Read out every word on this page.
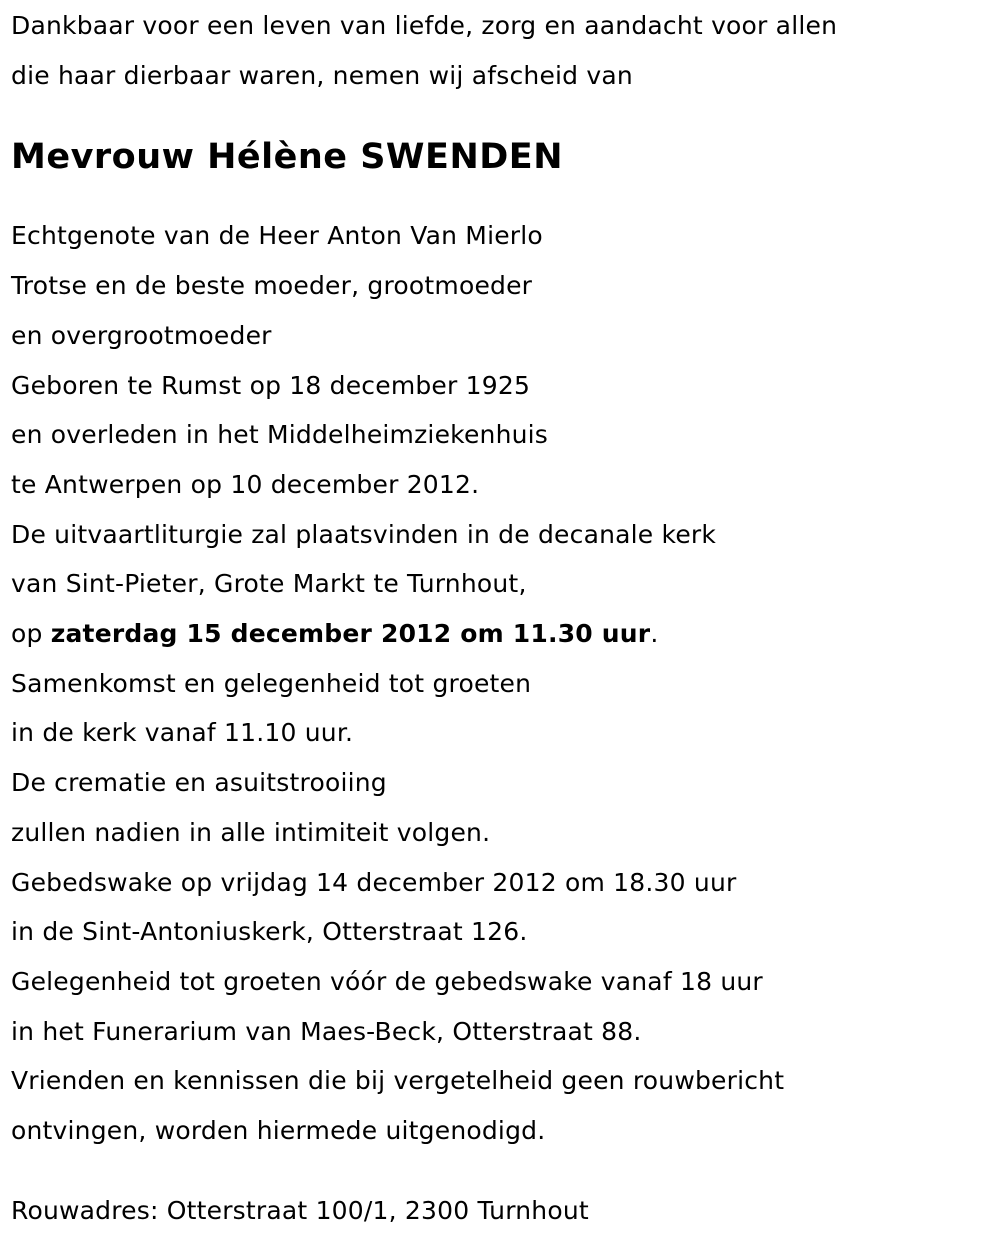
Dankbaar voor een leven van liefde, zorg en aandacht voor allen
die haar dierbaar waren, nemen wij afscheid van
Mevrouw Hélène SWENDEN
Echtgenote van de Heer Anton Van Mierlo
Trotse en de beste moeder, grootmoeder
en overgrootmoeder
Geboren te Rumst op 18 december 1925
en overleden in het Middelheimziekenhuis
te Antwerpen op 10 december 2012.
De uitvaartliturgie zal plaatsvinden in de decanale kerk
van Sint-Pieter, Grote Markt te Turnhout,
op zaterdag 15 december 2012 om 11.30 uur.
Samenkomst en gelegenheid tot groeten
in de kerk vanaf 11.10 uur.
De crematie en asuitstrooiing
zullen nadien in alle intimiteit volgen.
Gebedswake op vrijdag 14 december 2012 om 18.30 uur
in de Sint-Antoniuskerk, Otterstraat 126.
Gelegenheid tot groeten vóór de gebedswake vanaf 18 uur
in het Funerarium van Maes-Beck, Otterstraat 88.
Vrienden en kennissen die bij vergetelheid geen rouwbericht
ontvingen, worden hiermede uitgenodigd.
Rouwadres: Otterstraat 100/1, 2300 Turnhout
